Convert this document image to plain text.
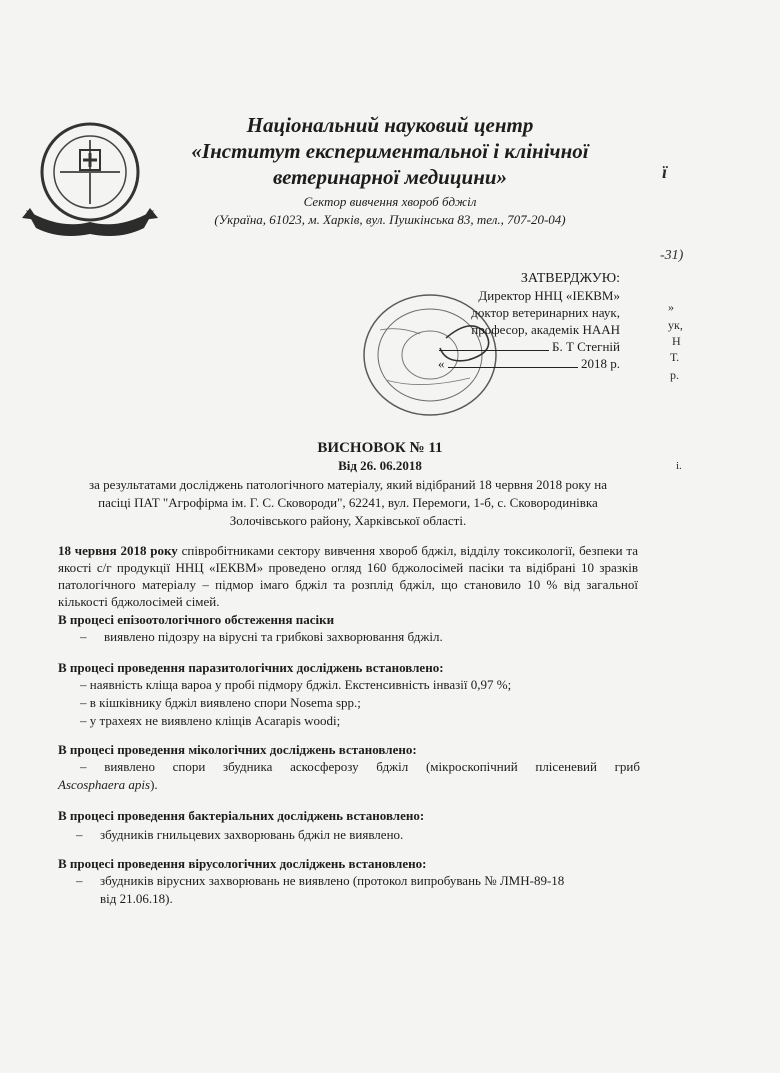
Національний науковий центр
«Інститут експериментальної і клінічної
ветеринарної медицини»
Сектор вивчення хвороб бджіл
(Україна, 61023, м. Харків, вул. Пушкінська 83, тел., 707-20-04)
ї
-31)
»
ук,
Н
Т.
р.
і.
ЗАТВЕРДЖУЮ:
Директор ННЦ «ІЕКВМ»
доктор ветеринарних наук,
професор, академік НААН
Б. Т Стегній
«	2018 р.
ВИСНОВОК № 11
Від 26. 06.2018
за результатами досліджень патологічного матеріалу, який відібраний 18 червня 2018 року на
пасіці ПАТ "Агрофірма ім. Г. С. Сковороди", 62241, вул. Перемоги, 1-б, с. Сковородинівка
Золочівського району, Харківської області.
18 червня 2018 року співробітниками сектору вивчення хвороб бджіл, відділу токсикології, безпеки та якості с/г продукції ННЦ «ІЕКВМ» проведено огляд 160 бджолосімей пасіки та відібрані 10 зразків патологічного матеріалу – підмор імаго бджіл та розплід бджіл, що становило 10 % від загальної кількості бджолосімей сімей.
В процесі епізоотологічного обстеження пасіки
– виявлено підозру на вірусні та грибкові захворювання бджіл.
В процесі проведення паразитологічних досліджень встановлено:
– наявність кліща вароа у пробі підмору бджіл. Екстенсивність інвазії 0,97 %;
– в кішківнику бджіл виявлено спори Nosema spp.;
– у трахеях не виявлено кліщів Acarapis woodi;
В процесі проведення мікологічних досліджень встановлено:
– виявлено спори збудника аскосферозу бджіл (мікроскопічний плісеневий гриб
Ascosphaera apis).
В процесі проведення бактеріальних досліджень встановлено:
– збудників гнильцевих захворювань бджіл не виявлено.
В процесі проведення вірусологічних досліджень встановлено:
– збудників вірусних захворювань не виявлено (протокол випробувань № ЛМН-89-18
від 21.06.18).
